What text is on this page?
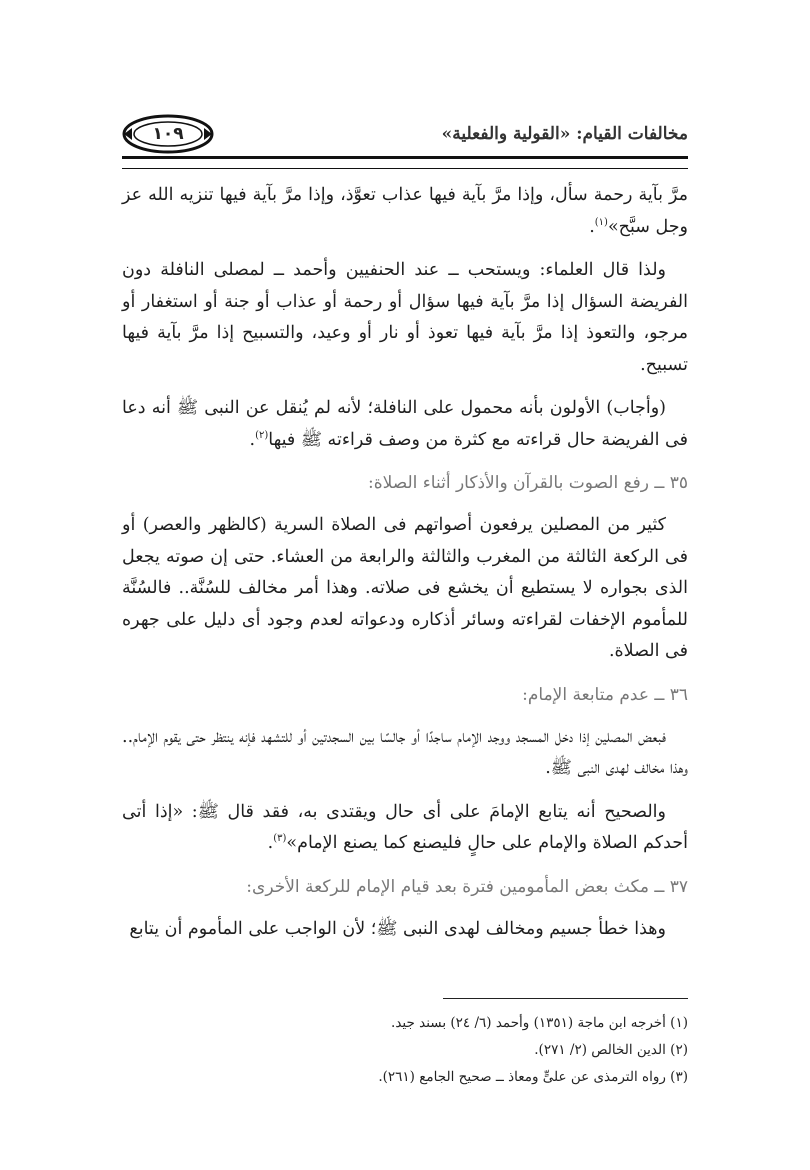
مخالفات القيام: «القولية والفعلية»
١٠٩

مرَّ بآية رحمة سأل، وإذا مرَّ بآية فيها عذاب تعوَّذ، وإذا مرَّ بآية فيها تنزيه الله عز وجل سبَّح»$^{(١)}$.

ولذا قال العلماء: ويستحب ــ عند الحنفيين وأحمد ــ لمصلى النافلة دون الفريضة السؤال إذا مرَّ بآية فيها سؤال أو رحمة أو عذاب أو جنة أو استغفار أو مرجو، والتعوذ إذا مرَّ بآية فيها تعوذ أو نار أو وعيد، والتسبيح إذا مرَّ بآية فيها تسبيح.

(وأجاب) الأولون بأنه محمول على النافلة؛ لأنه لم يُنقل عن النبى ﷺ أنه دعا فى الفريضة حال قراءته مع كثرة من وصف قراءته ﷺ فيها$^{(٢)}$.

٣٥ ــ رفع الصوت بالقرآن والأذكار أثناء الصلاة:

كثير من المصلين يرفعون أصواتهم فى الصلاة السرية (كالظهر والعصر) أو فى الركعة الثالثة من المغرب والثالثة والرابعة من العشاء. حتى إن صوته يجعل الذى بجواره لا يستطيع أن يخشع فى صلاته. وهذا أمر مخالف للسُنَّة.. فالسُنَّة للمأموم الإخفات لقراءته وسائر أذكاره ودعواته لعدم وجود أى دليل على جهره فى الصلاة.

٣٦ ــ عدم متابعة الإمام:

فبعض المصلين إذا دخل المسجد ووجد الإمام ساجدًا أو جالسًا بين السجدتين أو للتشهد فإنه ينتظر حتى يقوم الإمام.. وهذا مخالف لهدى النبى ﷺ.

والصحيح أنه يتابع الإمامَ على أى حال ويقتدى به، فقد قال ﷺ: «إذا أتى أحدكم الصلاة والإمام على حالٍ فليصنع كما يصنع الإمام»$^{(٣)}$.

٣٧ ــ مكث بعض المأمومين فترة بعد قيام الإمام للركعة الأخرى:

وهذا خطأ جسيم ومخالف لهدى النبى ﷺ؛ لأن الواجب على المأموم أن يتابع

(١) أخرجه ابن ماجة (١٣٥١) وأحمد (٦/ ٢٤) بسند جيد.

(٢) الدين الخالص (٢/ ٢٧١).

(٣) رواه الترمذى عن علىٍّ ومعاذ ــ صحيح الجامع (٢٦١).
